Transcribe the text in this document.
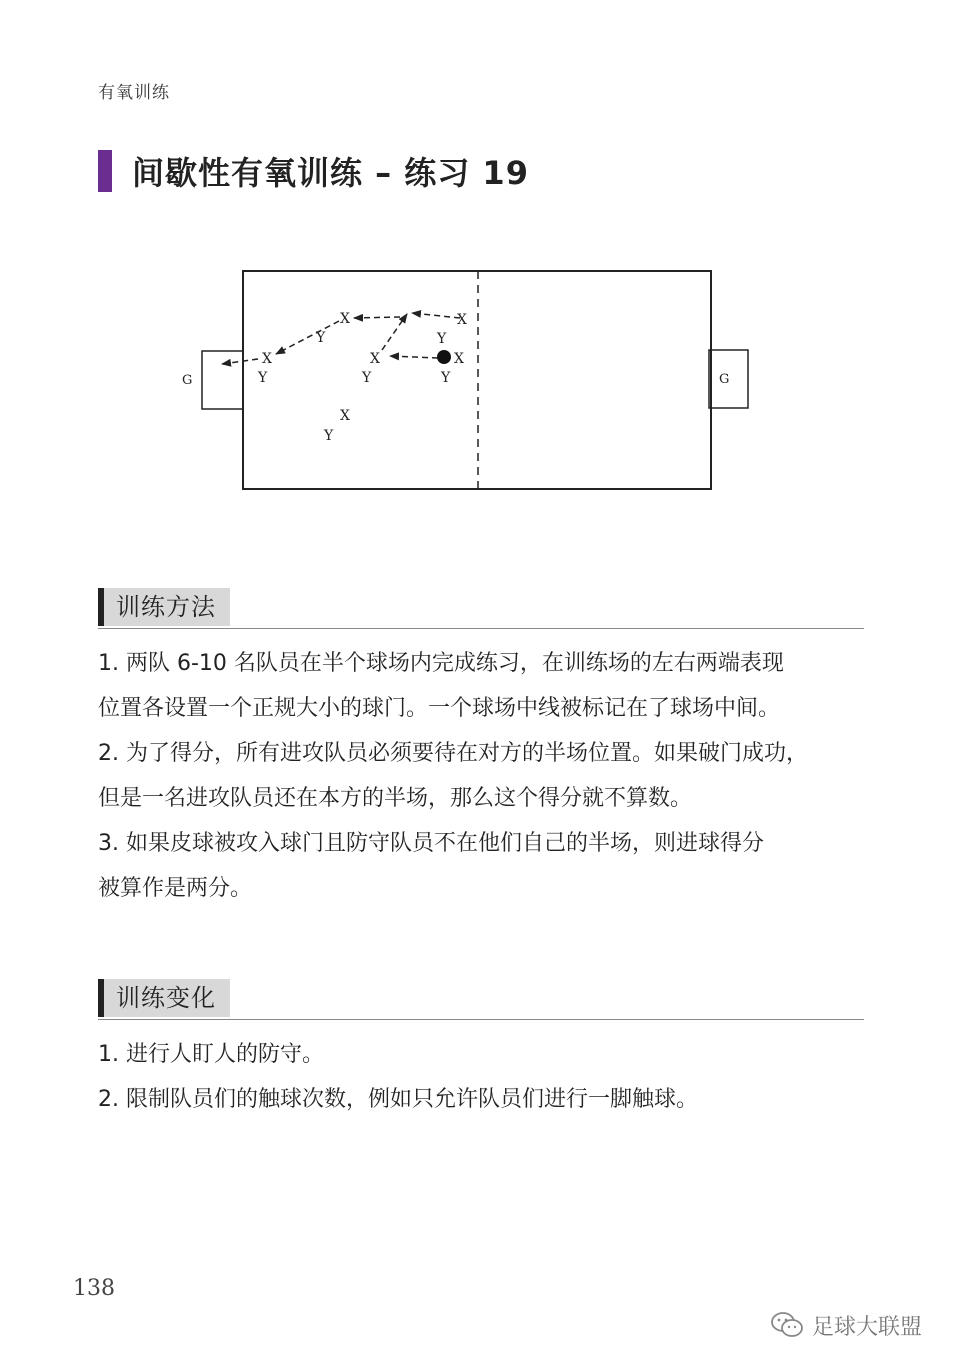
有氧训练
间歇性有氧训练 – 练习 19
G	G
X	X
X	X	X
X
Y	Y
Y	Y	Y
Y
训练方法

1. 两队 6-10 名队员在半个球场内完成练习，在训练场的左右两端表现

位置各设置一个正规大小的球门。一个球场中线被标记在了球场中间。

2. 为了得分，所有进攻队员必须要待在对方的半场位置。如果破门成功，

但是一名进攻队员还在本方的半场，那么这个得分就不算数。

3. 如果皮球被攻入球门且防守队员不在他们自己的半场，则进球得分

被算作是两分。

训练变化

1. 进行人盯人的防守。

2. 限制队员们的触球次数，例如只允许队员们进行一脚触球。

138
足球大联盟
